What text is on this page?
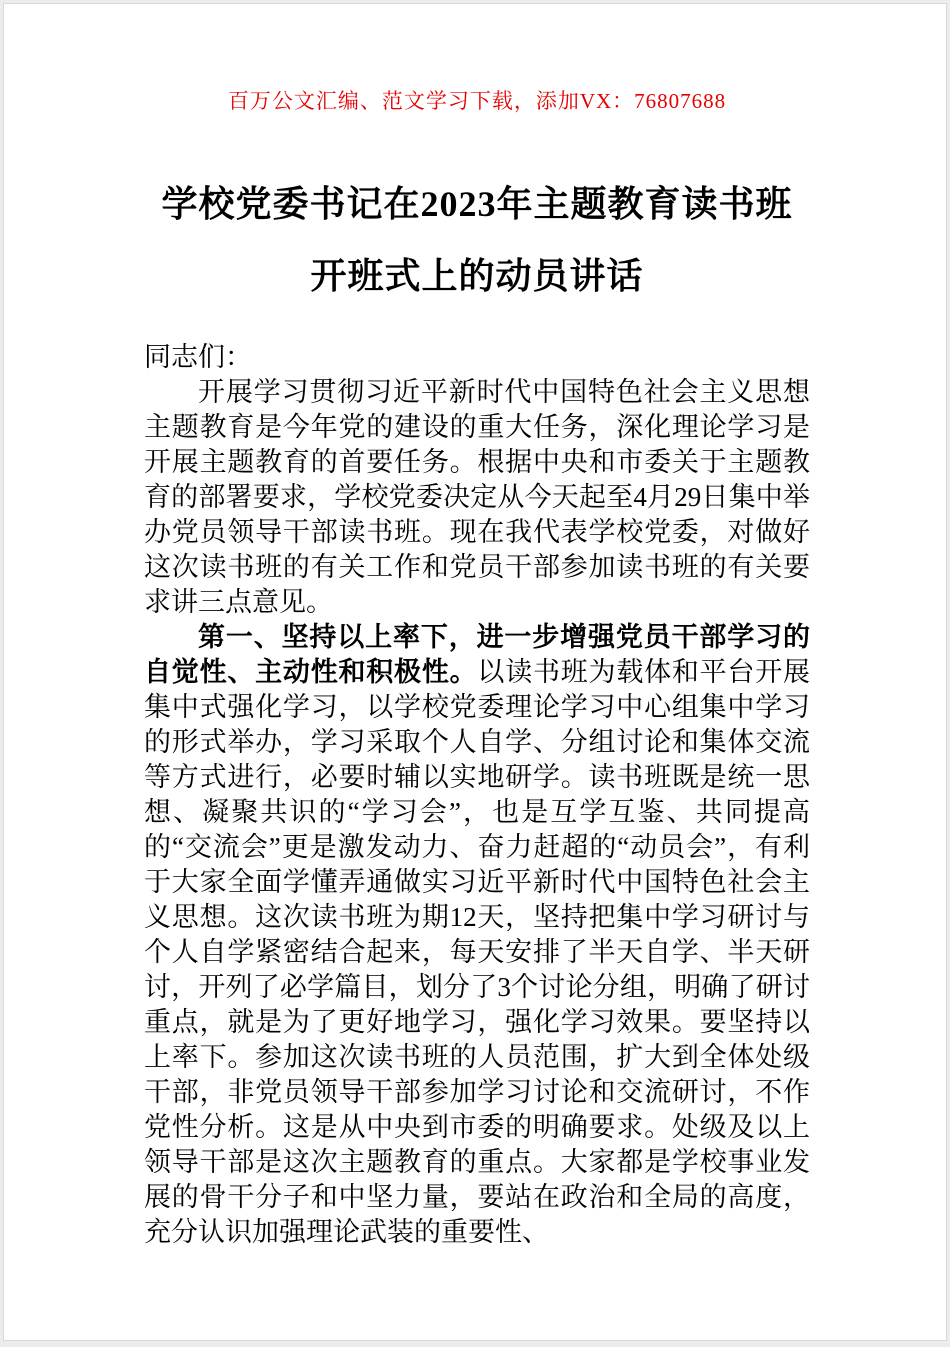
百万公文汇编、范文学习下载，添加VX：76807688
学校党委书记在2023年主题教育读书班开班式上的动员讲话

同志们：

开展学习贯彻习近平新时代中国特色社会主义思想主题教育是今年党的建设的重大任务，深化理论学习是开展主题教育的首要任务。根据中央和市委关于主题教育的部署要求，学校党委决定从今天起至4月29日集中举办党员领导干部读书班。现在我代表学校党委，对做好这次读书班的有关工作和党员干部参加读书班的有关要求讲三点意见。

第一、坚持以上率下，进一步增强党员干部学习的自觉性、主动性和积极性。以读书班为载体和平台开展集中式强化学习，以学校党委理论学习中心组集中学习的形式举办，学习采取个人自学、分组讨论和集体交流等方式进行，必要时辅以实地研学。读书班既是统一思想、凝聚共识的“学习会”，也是互学互鉴、共同提高的“交流会”更是激发动力、奋力赶超的“动员会”，有利于大家全面学懂弄通做实习近平新时代中国特色社会主义思想。这次读书班为期12天，坚持把集中学习研讨与个人自学紧密结合起来，每天安排了半天自学、半天研讨，开列了必学篇目，划分了3个讨论分组，明确了研讨重点，就是为了更好地学习，强化学习效果。要坚持以上率下。参加这次读书班的人员范围，扩大到全体处级干部，非党员领导干部参加学习讨论和交流研讨，不作党性分析。这是从中央到市委的明确要求。处级及以上领导干部是这次主题教育的重点。大家都是学校事业发展的骨干分子和中坚力量，要站在政治和全局的高度，充分认识加强理论武装的重要性、
